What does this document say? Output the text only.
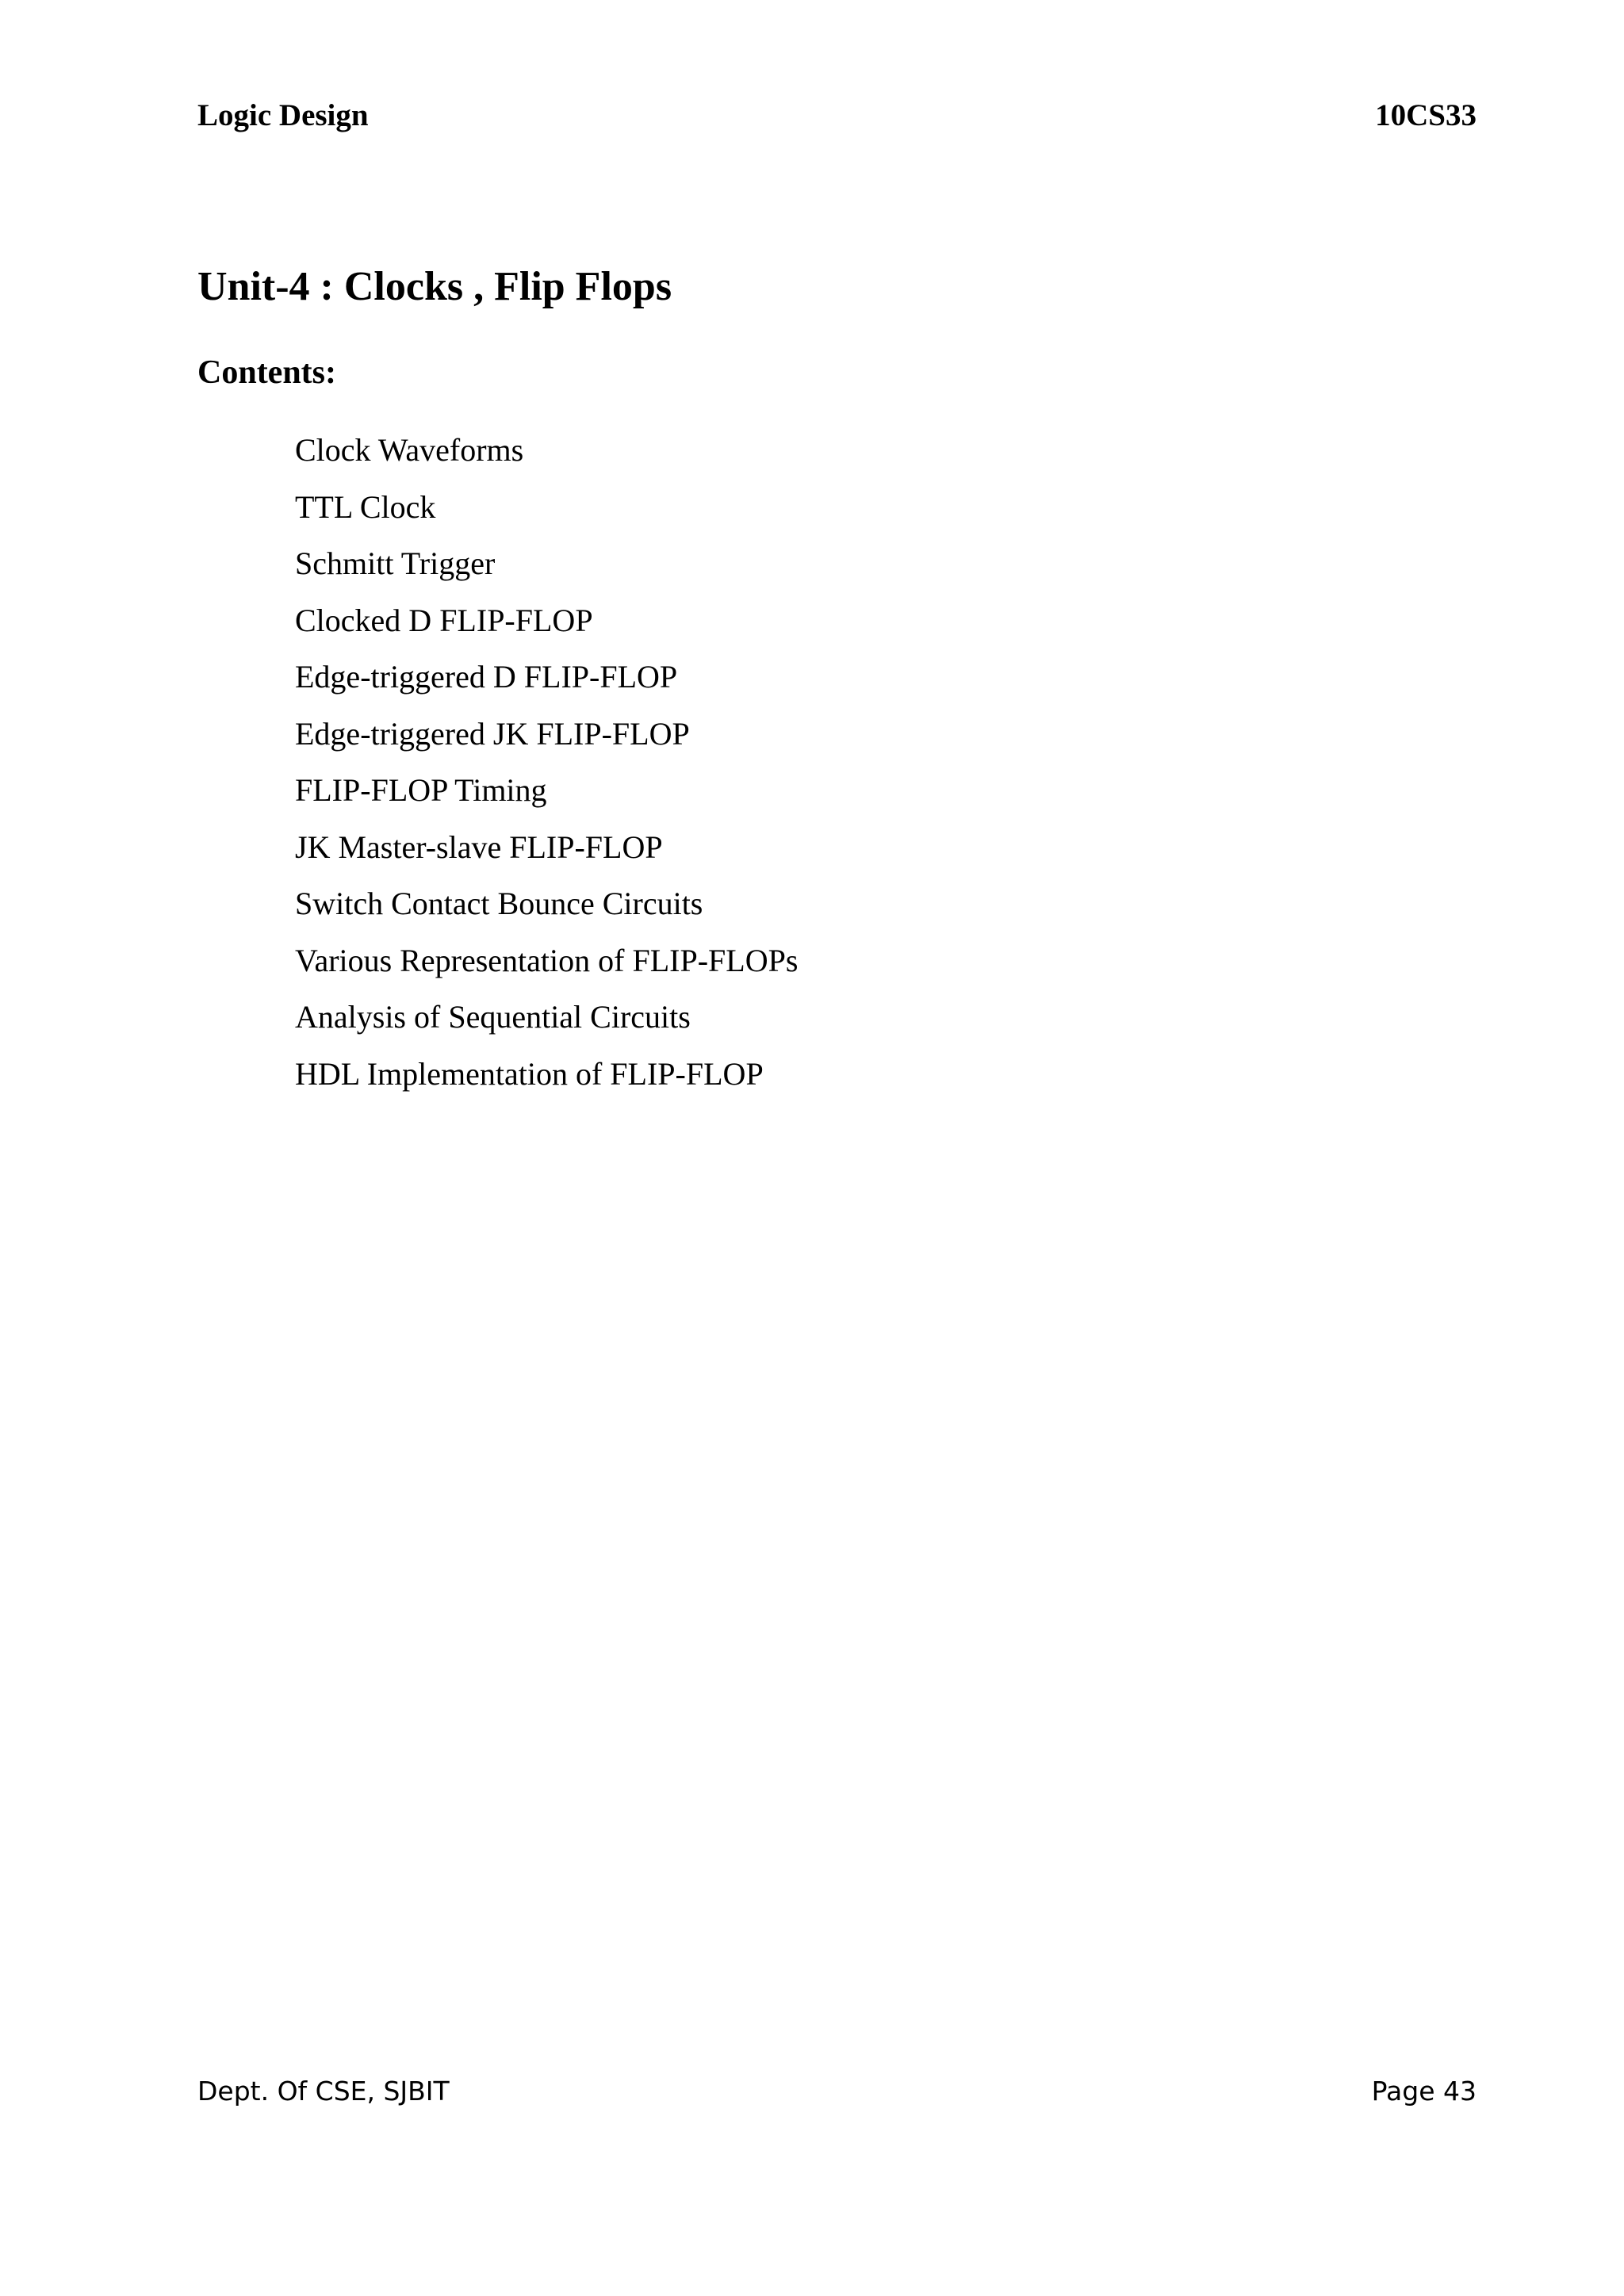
Logic Design	10CS33
Unit-4 : Clocks , Flip Flops
Contents:
Clock Waveforms
TTL Clock
Schmitt Trigger
Clocked D FLIP-FLOP
Edge-triggered D FLIP-FLOP
Edge-triggered JK FLIP-FLOP
FLIP-FLOP Timing
JK Master-slave FLIP-FLOP
Switch Contact Bounce Circuits
Various Representation of FLIP-FLOPs
Analysis of Sequential Circuits
HDL Implementation of FLIP-FLOP
Dept. Of CSE, SJBIT	Page 43
